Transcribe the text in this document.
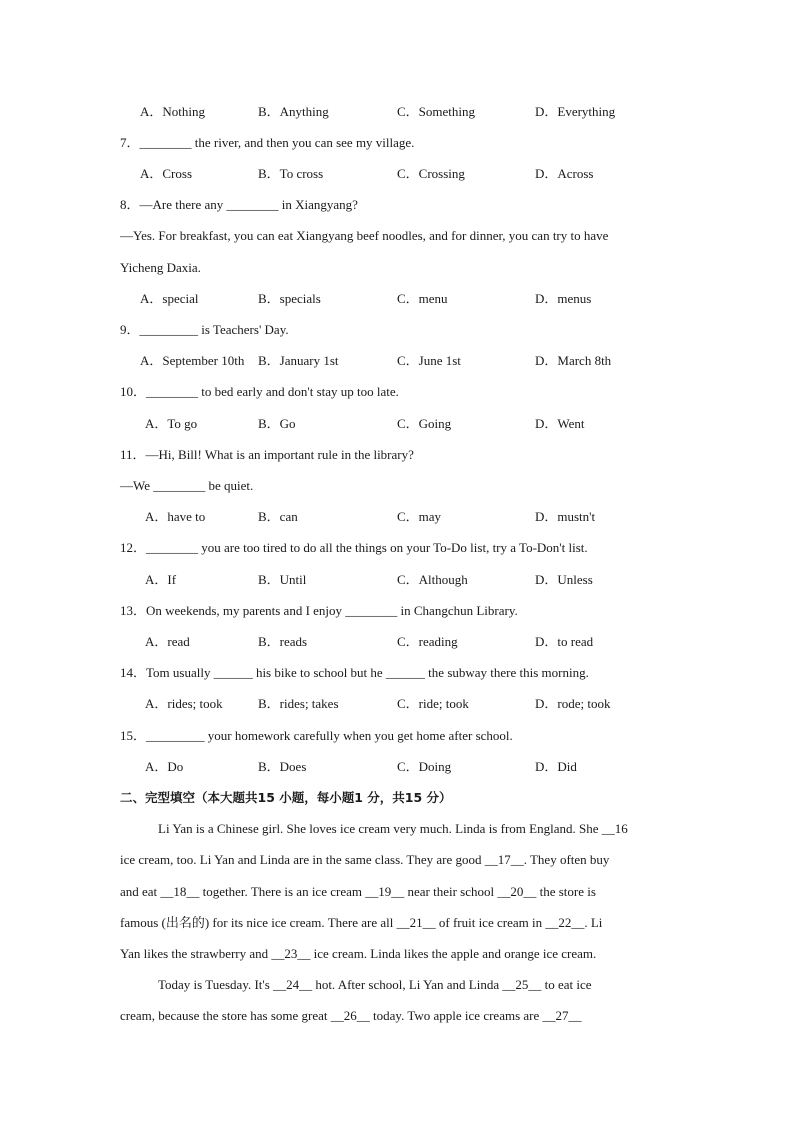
A．Nothing	B．Anything	C．Something	D．Everything
7．________ the river, and then you can see my village.
A．Cross	B．To cross	C．Crossing	D．Across
8．—Are there any ________ in Xiangyang?
—Yes. For breakfast, you can eat Xiangyang beef noodles, and for dinner, you can try to have
Yicheng Daxia.
A．special	B．specials	C．menu	D．menus
9．_________ is Teachers' Day.
A．September 10th B．January 1st	C．June 1st	D．March 8th
10．________ to bed early and don't stay up too late.
A．To go	B．Go	C．Going	D．Went
11．—Hi, Bill! What is an important rule in the library?
—We ________ be quiet.
A．have to	B．can	C．may	D．mustn't
12．________ you are too tired to do all the things on your To-Do list, try a To-Don't list.
A．If	B．Until	C．Although	D．Unless
13．On weekends, my parents and I enjoy ________ in Changchun Library.
A．read	B．reads	C．reading	D．to read
14．Tom usually ______ his bike to school but he ______ the subway there this morning.
A．rides; took	B．rides; takes	C．ride; took	D．rode; took
15．_________ your homework carefully when you get home after school.
A．Do	B．Does	C．Doing	D．Did
二、完型填空（本大题共15 小题，每小题1 分，共15 分）
Li Yan is a Chinese girl. She loves ice cream very much. Linda is from England. She __16
ice cream, too. Li Yan and Linda are in the same class. They are good __17__. They often buy
and eat __18__ together. There is an ice cream __19__ near their school __20__ the store is
famous (出名的) for its nice ice cream. There are all __21__ of fruit ice cream in __22__. Li
Yan likes the strawberry and __23__ ice cream. Linda likes the apple and orange ice cream.
Today is Tuesday. It's __24__ hot. After school, Li Yan and Linda __25__ to eat ice
cream, because the store has some great __26__ today. Two apple ice creams are __27__
